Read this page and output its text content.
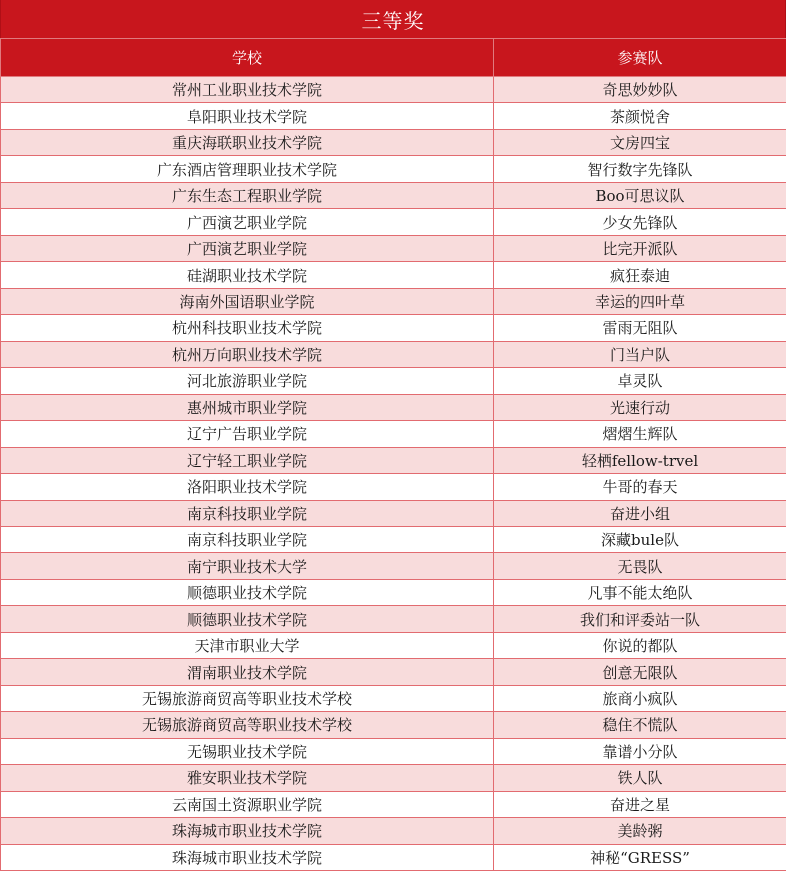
三等奖
学校	参赛队
常州工业职业技术学院	奇思妙妙队
阜阳职业技术学院	茶颜悦舍
重庆海联职业技术学院	文房四宝
广东酒店管理职业技术学院	智行数字先锋队
广东生态工程职业学院	Boo可思议队
广西演艺职业学院	少女先锋队
广西演艺职业学院	比完开派队
硅湖职业技术学院	疯狂泰迪
海南外国语职业学院	幸运的四叶草
杭州科技职业技术学院	雷雨无阻队
杭州万向职业技术学院	门当户队
河北旅游职业学院	卓灵队
惠州城市职业学院	光速行动
辽宁广告职业学院	熠熠生辉队
辽宁轻工职业学院	轻栖fellow-trvel
洛阳职业技术学院	牛哥的春天
南京科技职业学院	奋进小组
南京科技职业学院	深藏bule队
南宁职业技术大学	无畏队
顺德职业技术学院	凡事不能太绝队
顺德职业技术学院	我们和评委站一队
天津市职业大学	你说的都队
渭南职业技术学院	创意无限队
无锡旅游商贸高等职业技术学校	旅商小疯队
无锡旅游商贸高等职业技术学校	稳住不慌队
无锡职业技术学院	靠谱小分队
雅安职业技术学院	铁人队
云南国土资源职业学院	奋进之星
珠海城市职业技术学院	美龄粥
珠海城市职业技术学院	神秘“GRESS”
